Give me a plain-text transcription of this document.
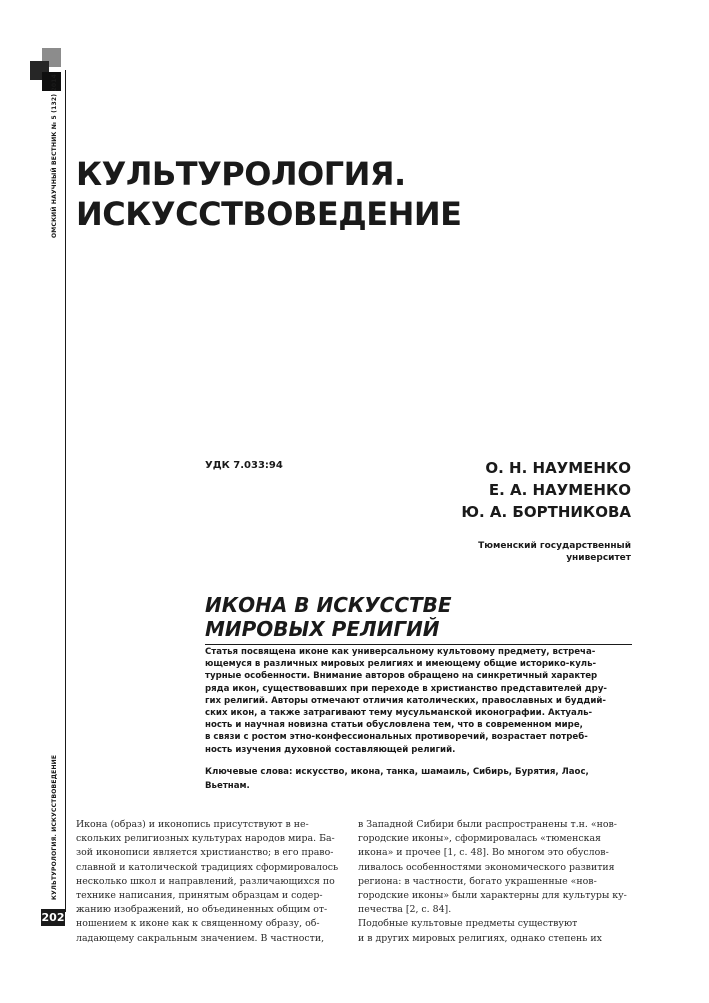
ОМСКИЙ НАУЧНЫЙ ВЕСТНИК № 5 (132) 2014
КУЛЬТУРОЛОГИЯ. ИСКУССТВОВЕДЕНИЕ
202
КУЛЬТУРОЛОГИЯ.
ИСКУССТВОВЕДЕНИЕ
УДК 7.033:94	О. Н. НАУМЕНКО
Е. А. НАУМЕНКО
Ю. А. БОРТНИКОВА
Тюменский государственный
университет
ИКОНА В ИСКУССТВЕ
МИРОВЫХ РЕЛИГИЙ
Статья посвящена иконе как универсальному культовому предмету, встреча-
ющемуся в различных мировых религиях и имеющему общие историко-куль-
турные особенности. Внимание авторов обращено на синкретичный характер
ряда икон, существовавших при переходе в христианство представителей дру-
гих религий. Авторы отмечают отличия католических, православных и буддий-
ских икон, а также затрагивают тему мусульманской иконографии. Актуаль-
ность и научная новизна статьи обусловлена тем, что в современном мире,
в связи с ростом этно-конфессиональных противоречий, возрастает потреб-
ность изучения духовной составляющей религий.
Ключевые слова: искусство, икона, танка, шамаиль, Сибирь, Бурятия, Лаос,
Вьетнам.
Икона (образ) и иконопись присутствуют в не-
скольких религиозных культурах народов мира. Ба-
зой иконописи является христианство; в его право-
славной и католической традициях сформировалось
несколько школ и направлений, различающихся по
технике написания, принятым образцам и содер-
жанию изображений, но объединенных общим от-
ношением к иконе как к священному образу, об-
ладающему сакральным значением. В частности,
в Западной Сибири были распространены т.н. «нов-
городские иконы», сформировалась «тюменская
икона» и прочее [1, с. 48]. Во многом это обуслов-
ливалось особенностями экономического развития
региона: в частности, богато украшенные «нов-
городские иконы» были характерны для культуры ку-
печества [2, с. 84].
Подобные культовые предметы существуют
и в других мировых религиях, однако степень их
